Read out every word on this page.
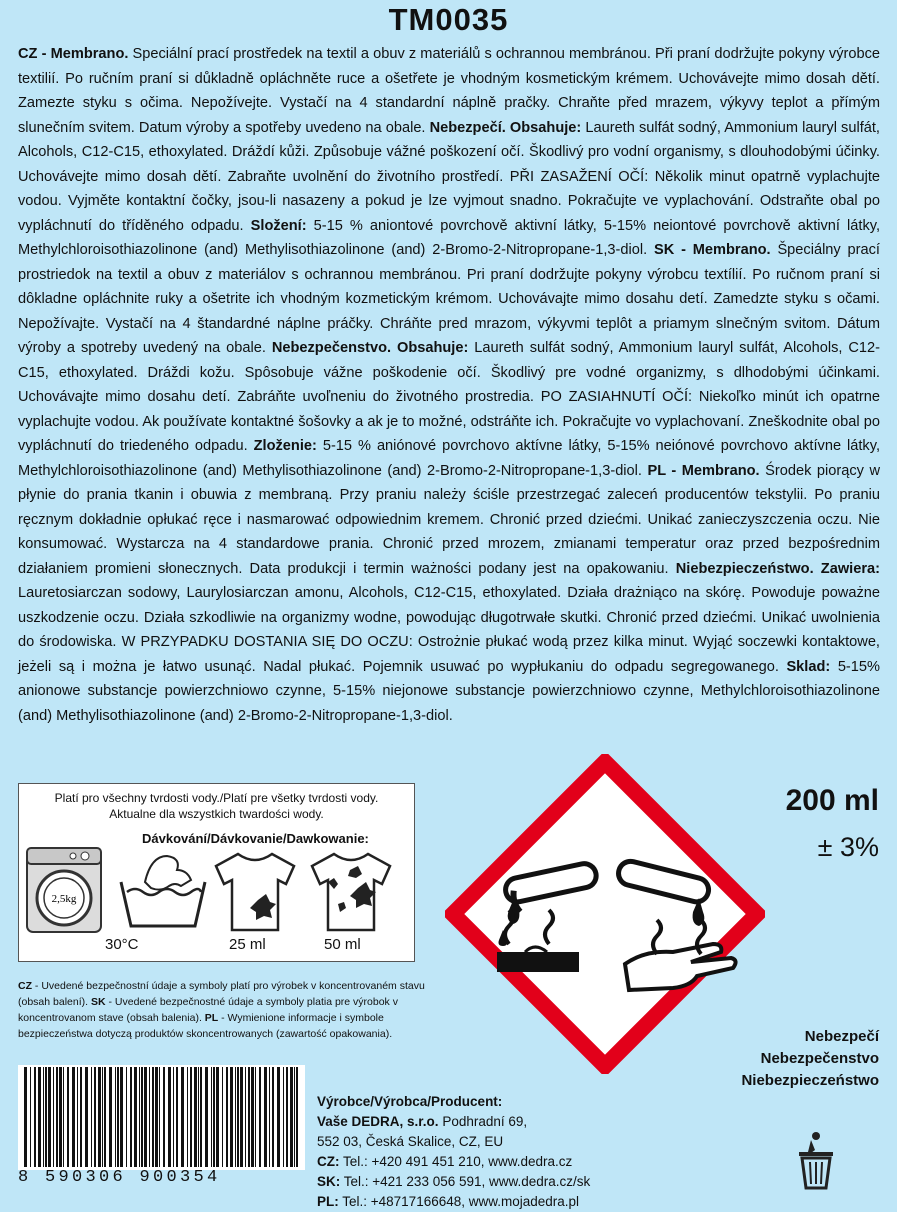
TM0035
CZ - Membrano. Speciální prací prostředek na textil a obuv z materiálů s ochrannou membránou. Při praní dodržujte pokyny výrobce textilií. Po ručním praní si důkladně opláchněte ruce a ošetřete je vhodným kosmetickým krémem. Uchovávejte mimo dosah dětí. Zamezte styku s očima. Nepožívejte. Vystačí na 4 standardní náplně pračky. Chraňte před mrazem, výkyvy teplot a přímým slunečním svitem. Datum výroby a spotřeby uvedeno na obale. Nebezpečí. Obsahuje: Laureth sulfát sodný, Ammonium lauryl sulfát, Alcohols, C12-C15, ethoxylated. Dráždí kůži. Způsobuje vážné poškození očí. Škodlivý pro vodní organismy, s dlouhodobými účinky. Uchovávejte mimo dosah dětí. Zabraňte uvolnění do životního prostředí. PŘI ZASAŽENÍ OČÍ: Několik minut opatrně vyplachujte vodou. Vyjměte kontaktní čočky, jsou-li nasazeny a pokud je lze vyjmout snadno. Pokračujte ve vyplachování. Odstraňte obal po vypláchnutí do tříděného odpadu. Složení: 5-15 % aniontové povrchově aktivní látky, 5-15% neiontové povrchově aktivní látky, Methylchloroisothiazolinone (and) Methylisothiazolinone (and) 2-Bromo-2-Nitropropane-1,3-diol. SK - Membrano. Špeciálny prací prostriedok na textil a obuv z materiálov s ochrannou membránou. Pri praní dodržujte pokyny výrobcu textílií. Po ručnom praní si dôkladne opláchnite ruky a ošetrite ich vhodným kozmetickým krémom. Uchovávajte mimo dosahu detí. Zamedzte styku s očami. Nepožívajte. Vystačí na 4 štandardné náplne práčky. Chráňte pred mrazom, výkyvmi teplôt a priamym slnečným svitom. Dátum výroby a spotreby uvedený na obale. Nebezpečenstvo. Obsahuje: Laureth sulfát sodný, Ammonium lauryl sulfát, Alcohols, C12-C15, ethoxylated. Dráždi kožu. Spôsobuje vážne poškodenie očí. Škodlivý pre vodné organizmy, s dlhodobými účinkami. Uchovávajte mimo dosahu detí. Zabráňte uvoľneniu do životného prostredia. PO ZASIAHNUTÍ OČÍ: Niekoľko minút ich opatrne vyplachujte vodou. Ak používate kontaktné šošovky a ak je to možné, odstráňte ich. Pokračujte vo vyplachovaní. Zneškodnite obal po vypláchnutí do triedeného odpadu. Zloženie: 5-15 % aniónové povrchovo aktívne látky, 5-15% neiónové povrchovo aktívne látky, Methylchloroisothiazolinone (and) Methylisothiazolinone (and) 2-Bromo-2-Nitropropane-1,3-diol. PL - Membrano. Środek piorący w płynie do prania tkanin i obuwia z membraną. Przy praniu należy ściśle przestrzegać zaleceń producentów tekstylii. Po praniu ręcznym dokładnie opłukać ręce i nasmarować odpowiednim kremem. Chronić przed dziećmi. Unikać zanieczyszczenia oczu. Nie konsumować. Wystarcza na 4 standardowe prania. Chronić przed mrozem, zmianami temperatur oraz przed bezpośrednim działaniem promieni słonecznych. Data produkcji i termin ważności podany jest na opakowaniu. Niebezpieczeństwo. Zawiera: Lauretosiarczan sodowy, Laurylosiarczan amonu, Alcohols, C12-C15, ethoxylated. Działa drażniąco na skórę. Powoduje poważne uszkodzenie oczu. Działa szkodliwie na organizmy wodne, powodując długotrwałe skutki. Chronić przed dziećmi. Unikać uwolnienia do środowiska. W PRZYPADKU DOSTANIA SIĘ DO OCZU: Ostrożnie płukać wodą przez kilka minut. Wyjąć soczewki kontaktowe, jeżeli są i można je łatwo usunąć. Nadal płukać. Pojemnik usuwać po wypłukaniu do odpadu segregowanego. Sklad: 5-15% anionowe substancje powierzchniowo czynne, 5-15% niejonowe substancje powierzchniowo czynne, Methylchloroisothiazolinone (and) Methylisothiazolinone (and) 2-Bromo-2-Nitropropane-1,3-diol.
Platí pro všechny tvrdosti vody./Platí pre všetky tvrdosti vody.
Aktualne dla wszystkich twardości wody.
Dávkování/Dávkovanie/Dawkowanie:
2,5kg
30°C	25 ml	50 ml
200 ml
± 3%
Nebezpečí
Nebezpečenstvo
Niebezpieczeństwo
CZ - Uvedené bezpečnostní údaje a symboly platí pro výrobek v koncentrovaném stavu (obsah balení). SK - Uvedené bezpečnostné údaje a symboly platia pre výrobok v koncentrovanom stave (obsah balenia). PL - Wymienione informacje i symbole bezpieczeństwa dotyczą produktów skoncentrowanych (zawartość opakowania).
8 590306 900354
Výrobce/Výrobca/Producent:
Vaše DEDRA, s.r.o. Podhradní 69,
552 03, Česká Skalice, CZ, EU
CZ: Tel.: +420 491 451 210, www.dedra.cz
SK: Tel.: +421 233 056 591, www.dedra.cz/sk
PL: Tel.: +48717166648, www.mojadedra.pl
